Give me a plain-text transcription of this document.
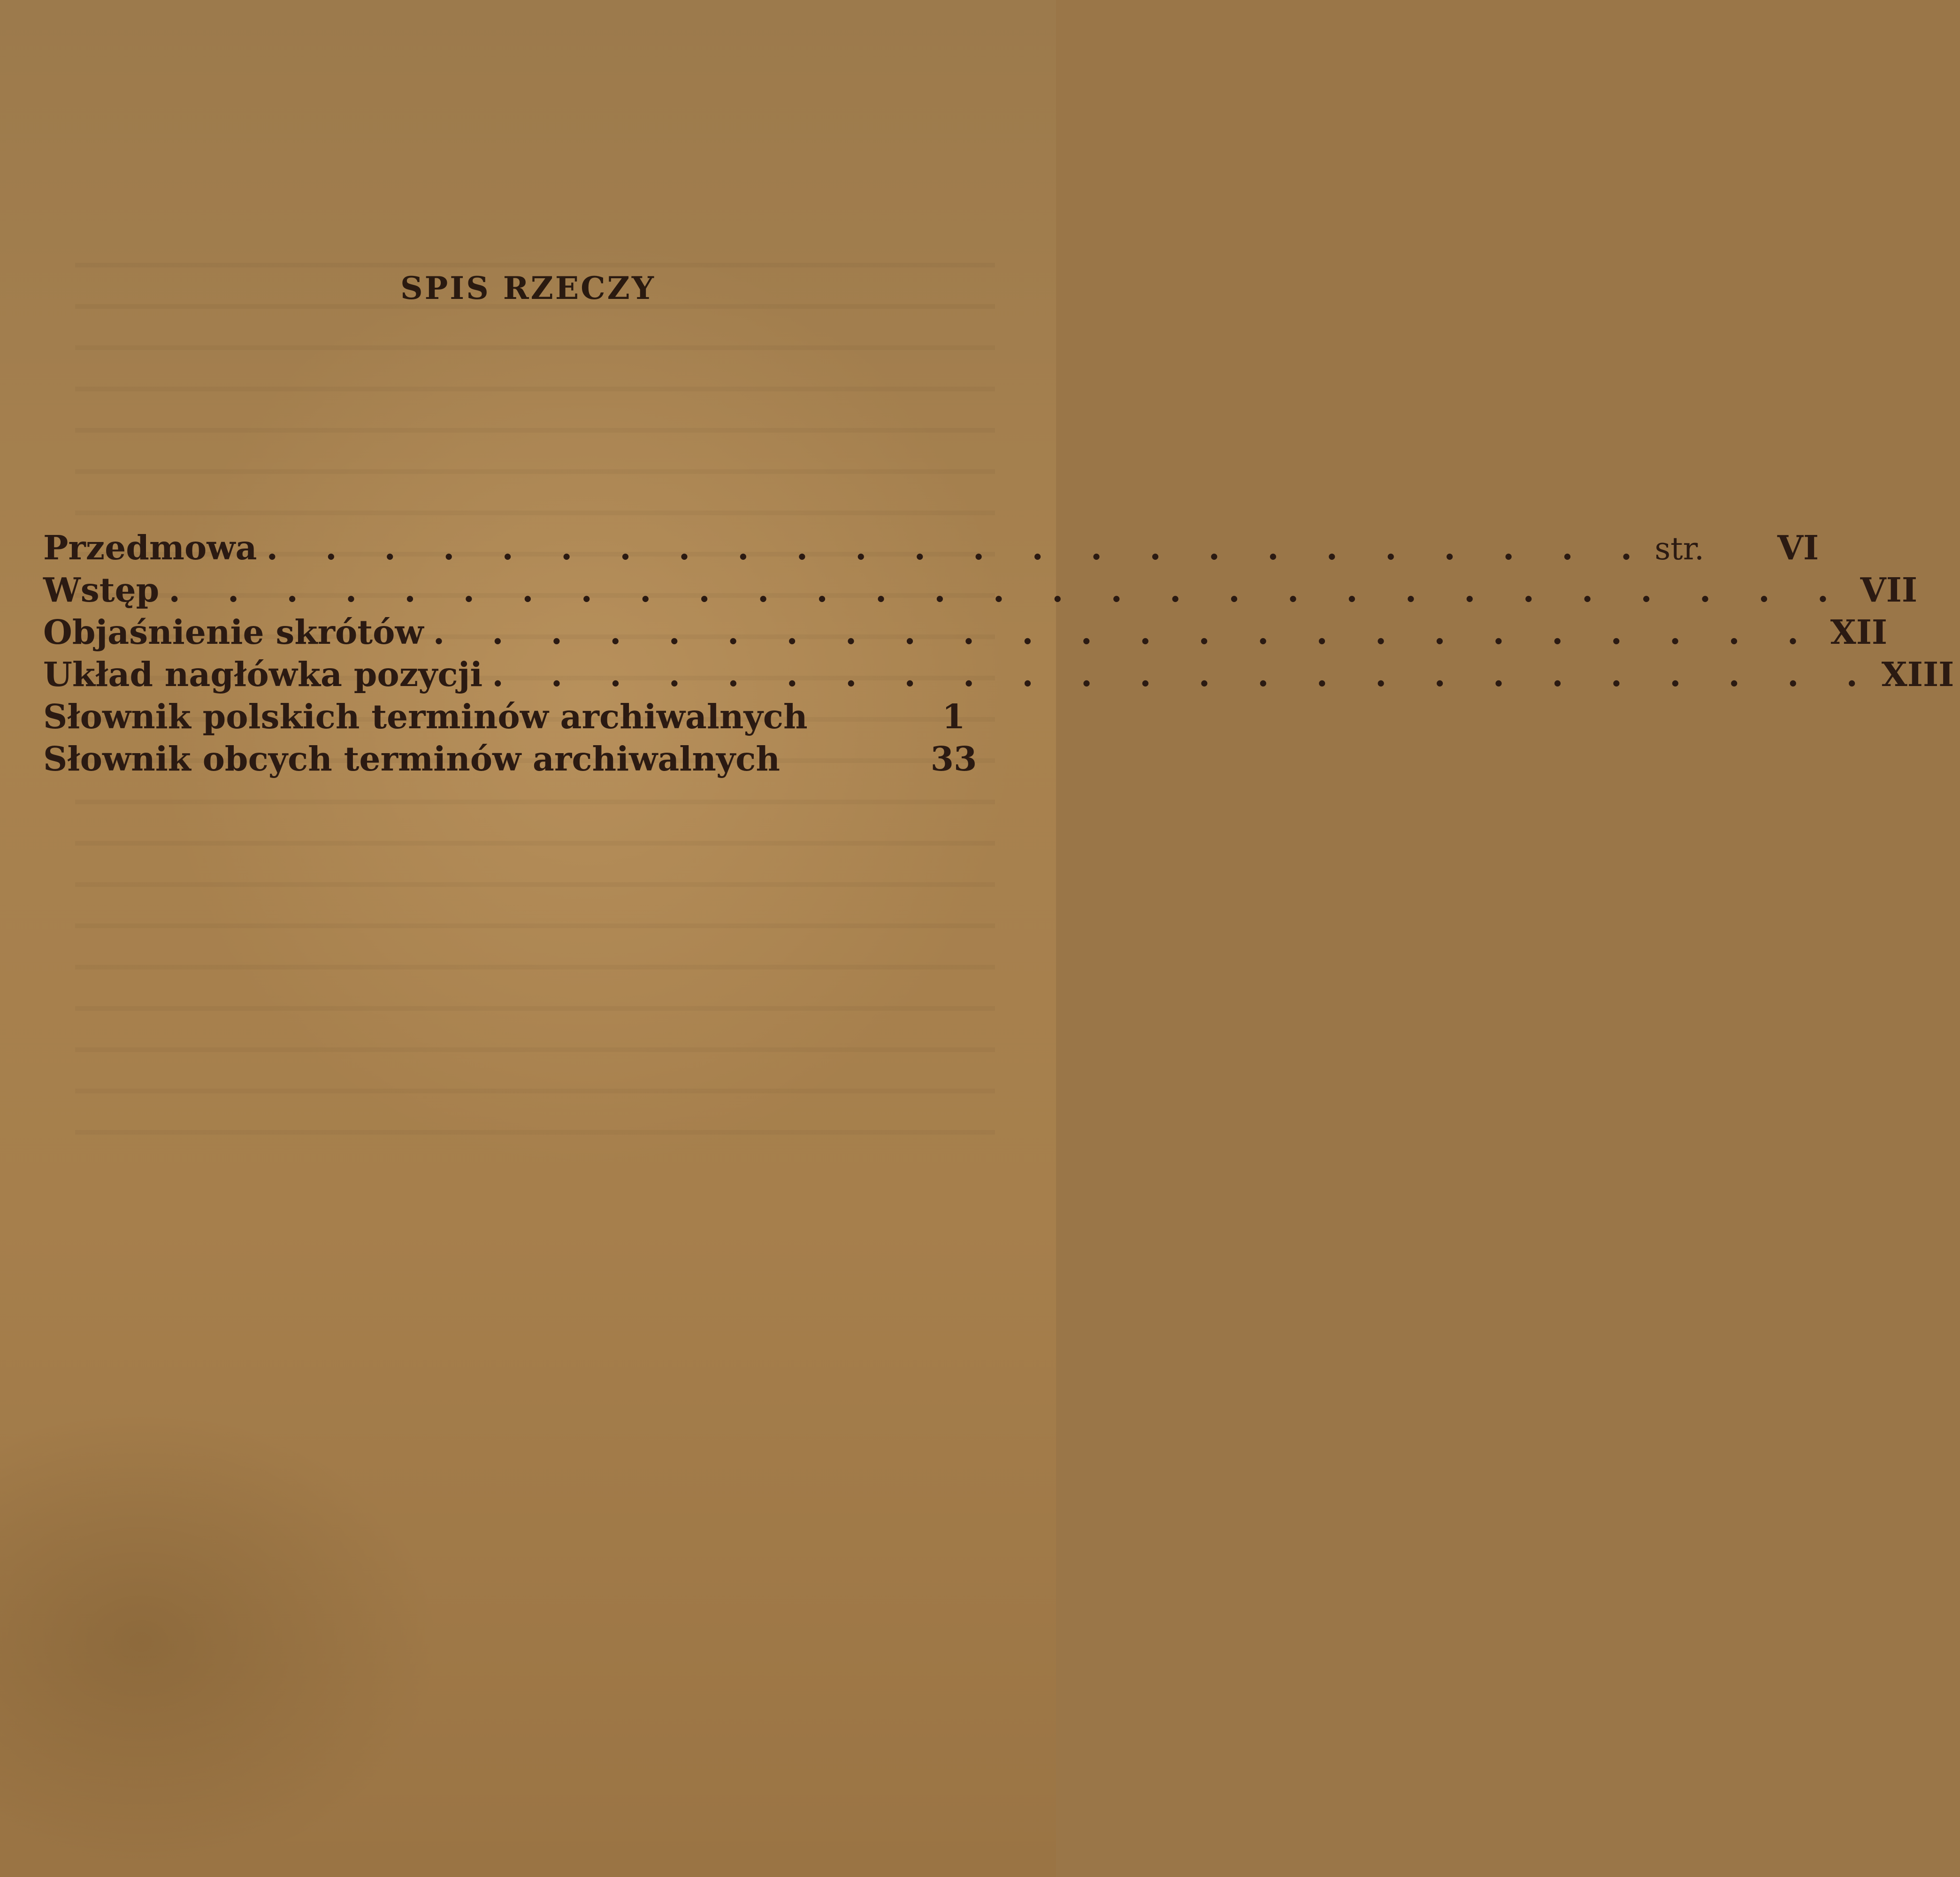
SPIS RZECZY
Przedmowa . . . . . . . . . . . . . . . . . . . . . . . . str.	VI
Wstęp . . . . . . . . . . . . . . . . . . . . . . . . . . . . . VII
Objaśnienie skrótów . . . . . . . . . . . . . . . . . . . . . . . . XII
Układ nagłówka pozycji . . . . . . . . . . . . . . . . . . . . . . . . XIII
Słownik polskich terminów archiwalnych	1
Słownik obcych terminów archiwalnych	33
